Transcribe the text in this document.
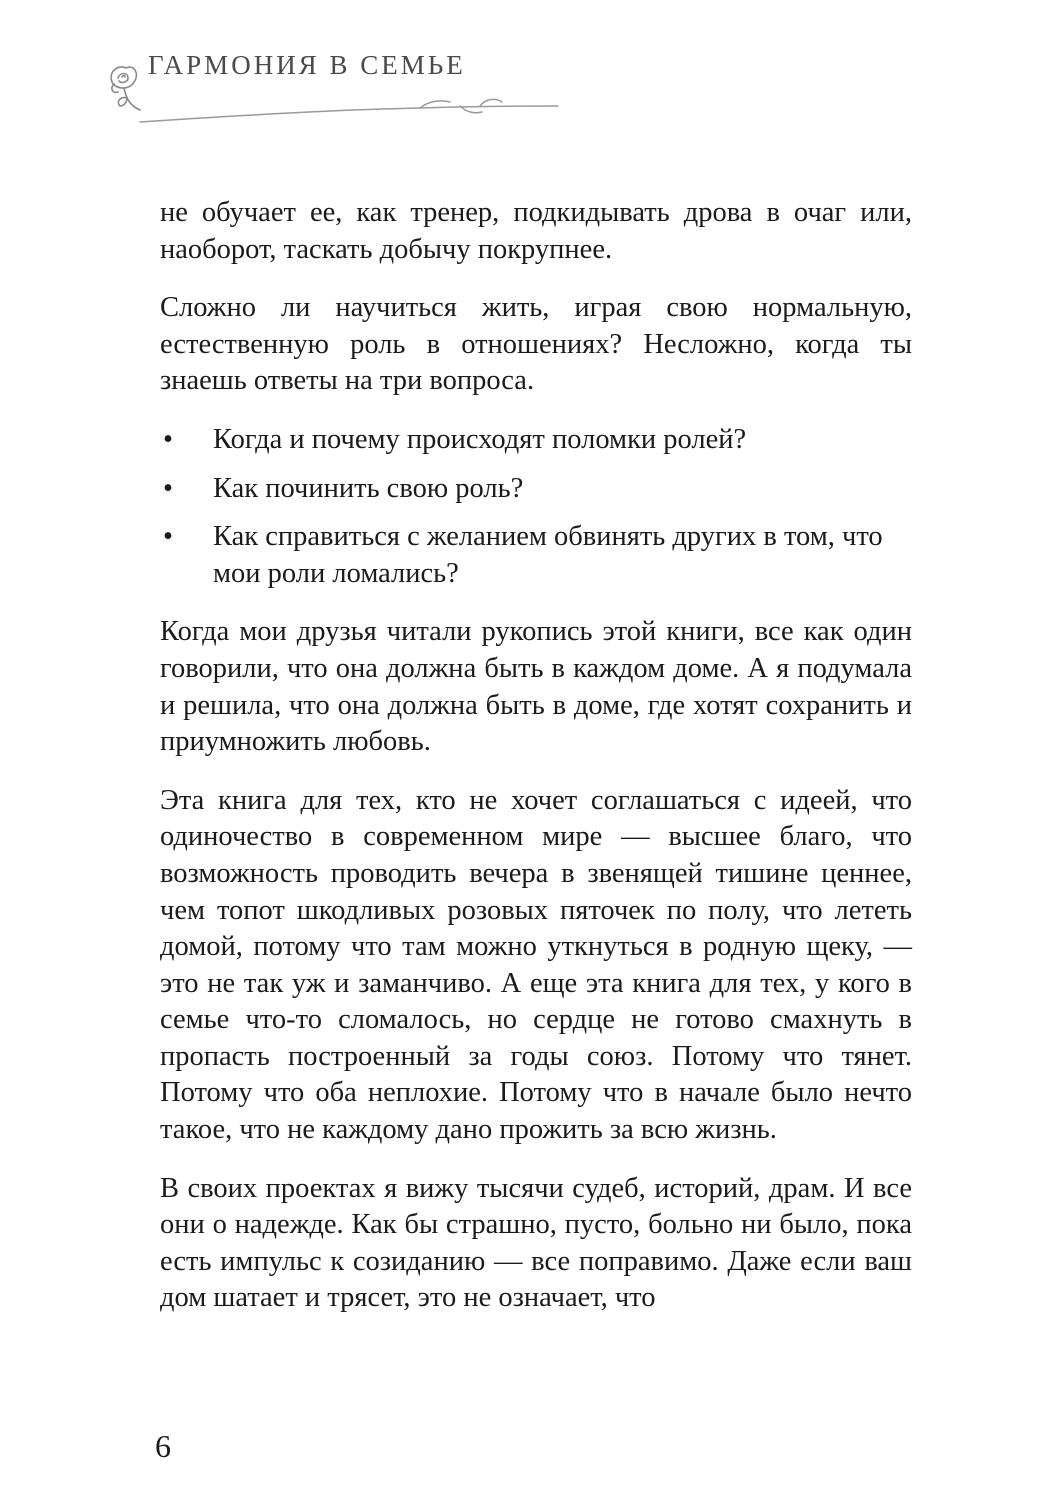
ГАРМОНИЯ В СЕМЬЕ

не обучает ее, как тренер, подкидывать дрова в очаг или, наоборот, таскать добычу покрупнее.

Сложно ли научиться жить, играя свою нормальную, естественную роль в отношениях? Несложно, когда ты знаешь ответы на три вопроса.

• Когда и почему происходят поломки ролей?
• Как починить свою роль?
• Как справиться с желанием обвинять других в том, что мои роли ломались?

Когда мои друзья читали рукопись этой книги, все как один говорили, что она должна быть в каждом доме. А я подумала и решила, что она должна быть в доме, где хотят сохранить и приумножить любовь.

Эта книга для тех, кто не хочет соглашаться с идеей, что одиночество в современном мире — высшее благо, что возможность проводить вечера в звенящей тишине ценнее, чем топот шкодливых розовых пяточек по полу, что лететь домой, потому что там можно уткнуться в родную щеку, — это не так уж и заманчиво. А еще эта книга для тех, у кого в семье что-то сломалось, но сердце не готово смахнуть в пропасть построенный за годы союз. Потому что тянет. Потому что оба неплохие. Потому что в начале было нечто такое, что не каждому дано прожить за всю жизнь.

В своих проектах я вижу тысячи судеб, историй, драм. И все они о надежде. Как бы страшно, пусто, больно ни было, пока есть импульс к созиданию — все поправимо. Даже если ваш дом шатает и трясет, это не означает, что

6
